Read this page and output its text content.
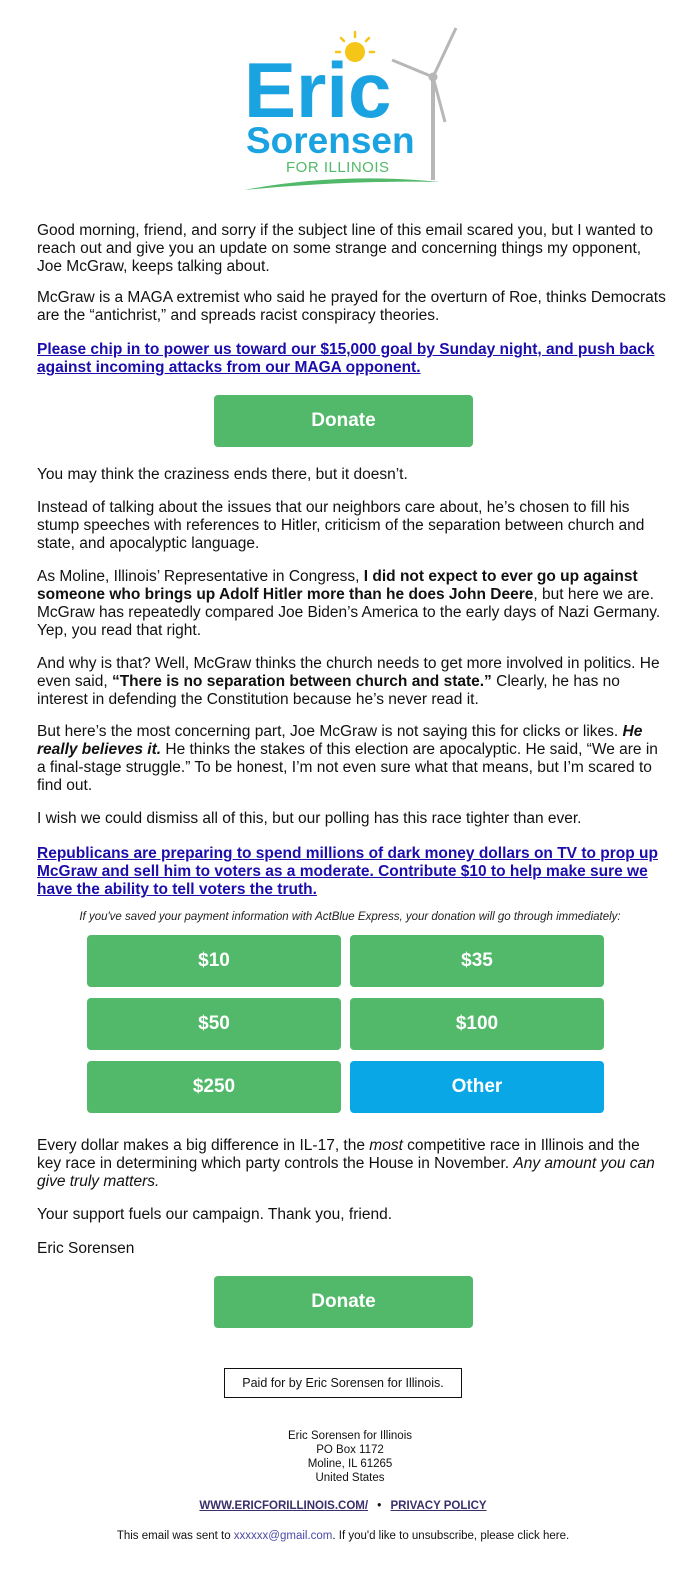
Eric
Sorensen
FOR ILLINOIS

Good morning, friend, and sorry if the subject line of this email scared you, but I wanted to reach out and give you an update on some strange and concerning things my opponent, Joe McGraw, keeps talking about.

McGraw is a MAGA extremist who said he prayed for the overturn of Roe, thinks Democrats are the “antichrist,” and spreads racist conspiracy theories.

Please chip in to power us toward our $15,000 goal by Sunday night, and push back against incoming attacks from our MAGA opponent.

Donate

You may think the craziness ends there, but it doesn’t.

Instead of talking about the issues that our neighbors care about, he’s chosen to fill his stump speeches with references to Hitler, criticism of the separation between church and state, and apocalyptic language.

As Moline, Illinois’ Representative in Congress, I did not expect to ever go up against someone who brings up Adolf Hitler more than he does John Deere, but here we are. McGraw has repeatedly compared Joe Biden’s America to the early days of Nazi Germany. Yep, you read that right.

And why is that? Well, McGraw thinks the church needs to get more involved in politics. He even said, “There is no separation between church and state.” Clearly, he has no interest in defending the Constitution because he’s never read it.

But here’s the most concerning part, Joe McGraw is not saying this for clicks or likes. He really believes it. He thinks the stakes of this election are apocalyptic. He said, “We are in a final-stage struggle.” To be honest, I’m not even sure what that means, but I’m scared to find out.

I wish we could dismiss all of this, but our polling has this race tighter than ever.

Republicans are preparing to spend millions of dark money dollars on TV to prop up McGraw and sell him to voters as a moderate. Contribute $10 to help make sure we have the ability to tell voters the truth.

If you've saved your payment information with ActBlue Express, your donation will go through immediately:
$10	$35
$50	$100
$250	Other

Every dollar makes a big difference in IL-17, the most competitive race in Illinois and the key race in determining which party controls the House in November. Any amount you can give truly matters.

Your support fuels our campaign. Thank you, friend.

Eric Sorensen

Donate
Paid for by Eric Sorensen for Illinois.
Eric Sorensen for Illinois
PO Box 1172
Moline, IL 61265
United States
WWW.ERICFORILLINOIS.COM/ • PRIVACY POLICY
This email was sent to xxxxxx@gmail.com. If you'd like to unsubscribe, please click here.
